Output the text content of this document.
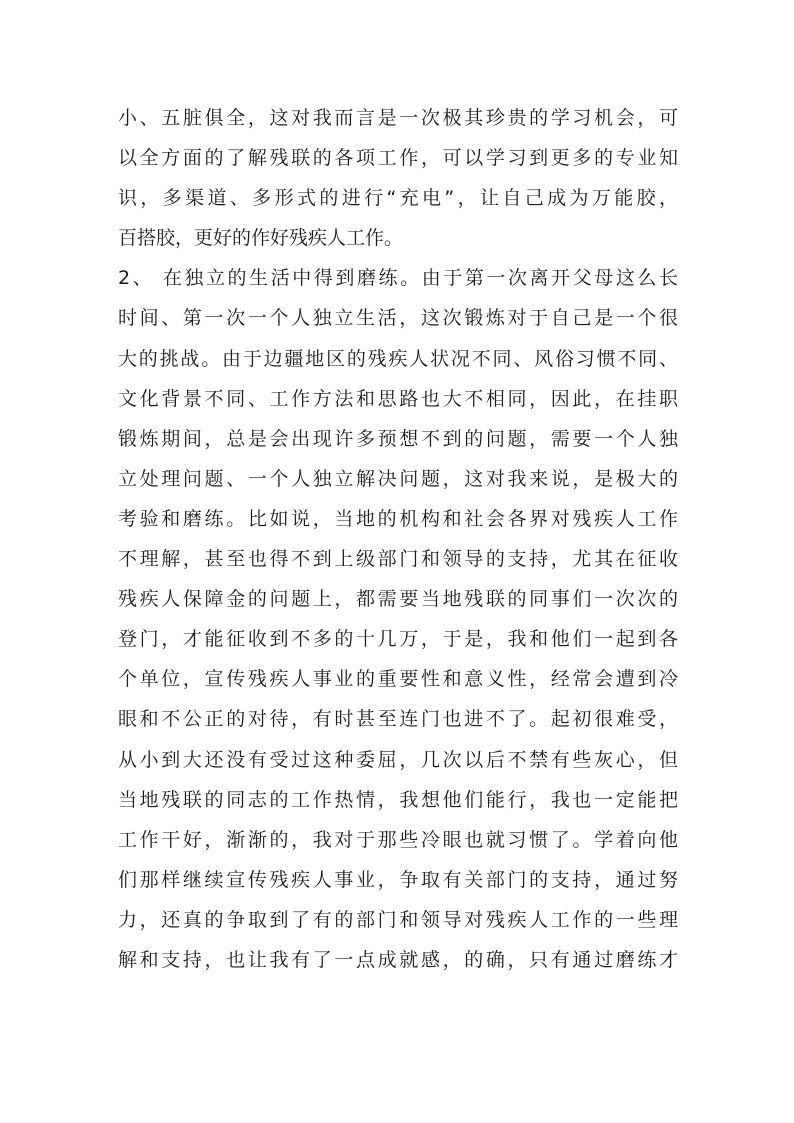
小、五脏俱全，这对我而言是一次极其珍贵的学习机会，可
以全方面的了解残联的各项工作，可以学习到更多的专业知
识，多渠道、多形式的进行“充电”，让自己成为万能胶，
百搭胶，更好的作好残疾人工作。
2、 在独立的生活中得到磨练。由于第一次离开父母这么长
时间、第一次一个人独立生活，这次锻炼对于自己是一个很
大的挑战。由于边疆地区的残疾人状况不同、风俗习惯不同、
文化背景不同、工作方法和思路也大不相同，因此，在挂职
锻炼期间，总是会出现许多预想不到的问题，需要一个人独
立处理问题、一个人独立解决问题，这对我来说，是极大的
考验和磨练。比如说，当地的机构和社会各界对残疾人工作
不理解，甚至也得不到上级部门和领导的支持，尤其在征收
残疾人保障金的问题上，都需要当地残联的同事们一次次的
登门，才能征收到不多的十几万，于是，我和他们一起到各
个单位，宣传残疾人事业的重要性和意义性，经常会遭到冷
眼和不公正的对待，有时甚至连门也进不了。起初很难受，
从小到大还没有受过这种委屈，几次以后不禁有些灰心，但
当地残联的同志的工作热情，我想他们能行，我也一定能把
工作干好，渐渐的，我对于那些冷眼也就习惯了。学着向他
们那样继续宣传残疾人事业，争取有关部门的支持，通过努
力，还真的争取到了有的部门和领导对残疾人工作的一些理
解和支持，也让我有了一点成就感，的确，只有通过磨练才
